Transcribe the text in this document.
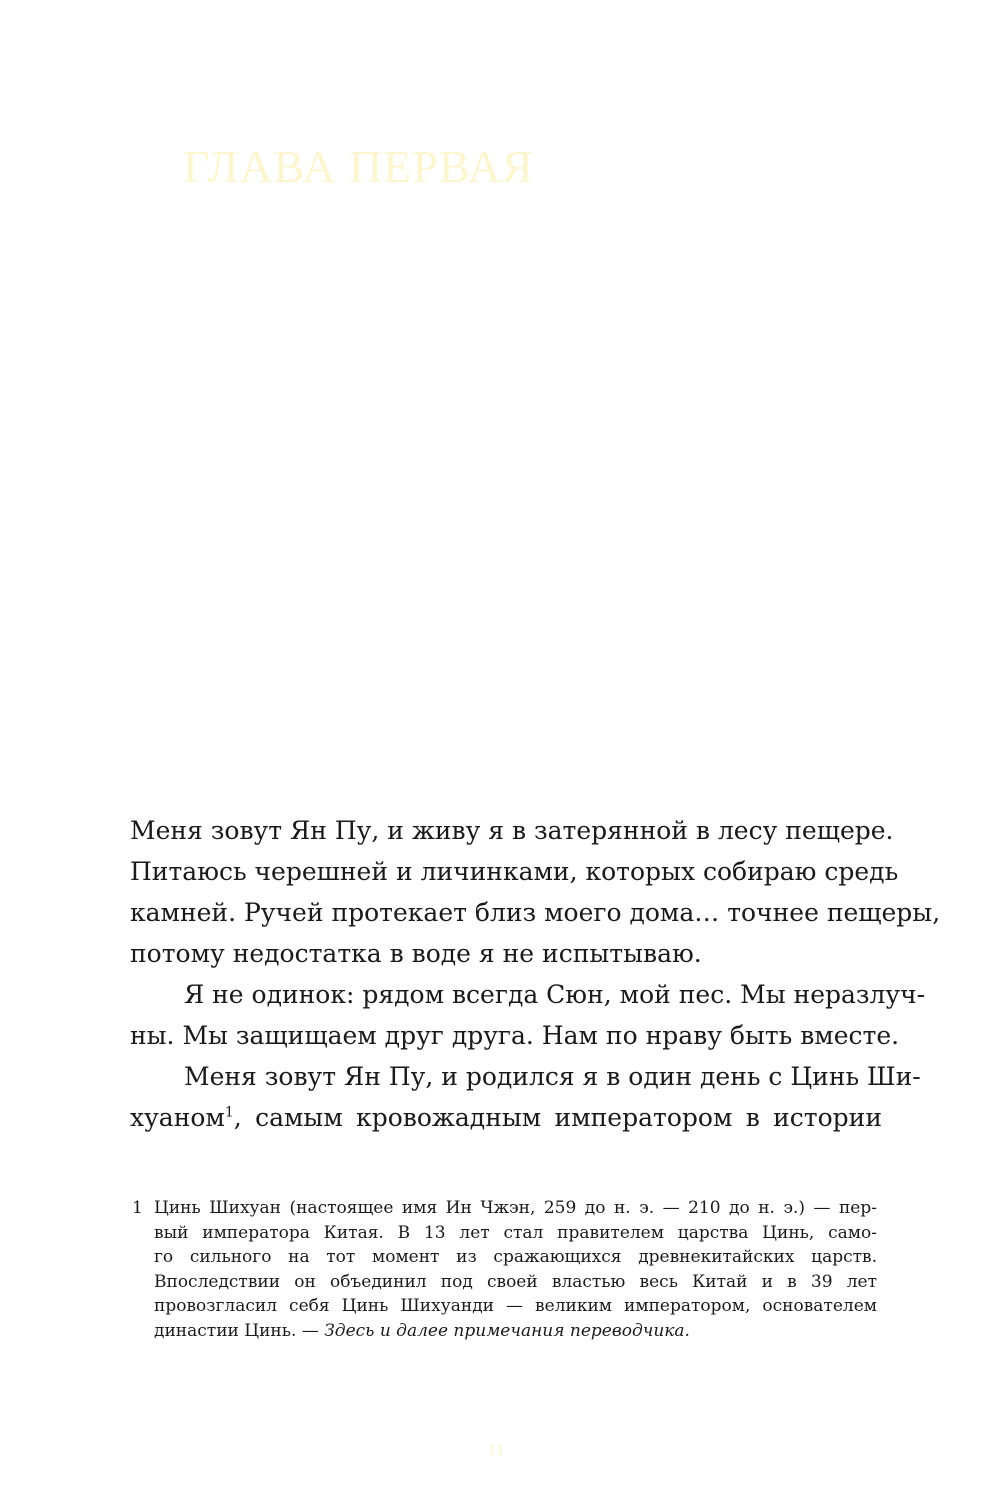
ГЛАВА ПЕРВАЯ

Меня зовут Ян Пу, и живу я в затерянной в лесу пещере.
Питаюсь черешней и личинками, которых собираю средь
камней. Ручей протекает близ моего дома… точнее пещеры,
потому недостатка в воде я не испытываю.

Я не одинок: рядом всегда Сюн, мой пес. Мы неразлуч-
ны. Мы защищаем друг друга. Нам по нраву быть вместе.

Меня зовут Ян Пу, и родился я в один день с Цинь Ши-
хуаном$^1$, самым кровожадным императором в истории

1 Цинь Шихуан (настоящее имя Ин Чжэн, 259 до н. э. — 210 до н. э.) — пер-
вый императора Китая. В 13 лет стал правителем царства Цинь, само-
го сильного на тот момент из сражающихся древнекитайских царств.
Впоследствии он объединил под своей властью весь Китай и в 39 лет
провозгласил себя Цинь Шихуанди — великим императором, основателем
династии Цинь. — Здесь и далее примечания переводчика.
11
